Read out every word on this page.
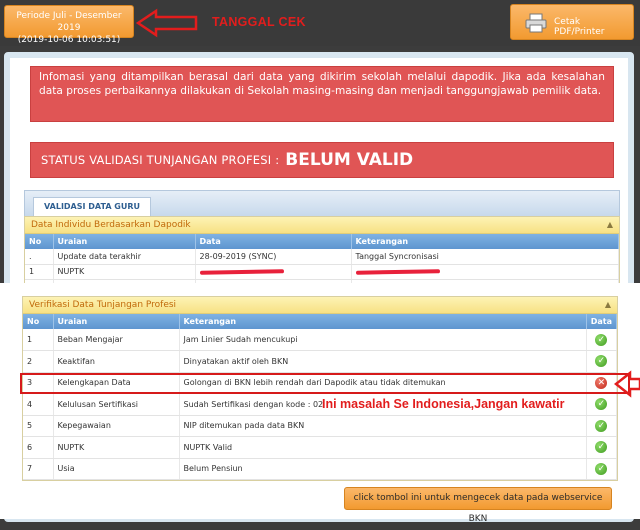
Periode Juli - Desember 2019
(2019-10-06 10:03:51)
TANGGAL CEK	Cetak PDF/Printer
Infomasi yang ditampilkan berasal dari data yang dikirim sekolah melalui dapodik. Jika ada kesalahan data proses perbaikannya dilakukan di Sekolah masing-masing dan menjadi tanggungjawab pemilik data.
STATUS VALIDASI TUNJANGAN PROFESI : BELUM VALID
VALIDASI DATA GURU
Data Individu Berdasarkan Dapodik	▲
No	Uraian	Data	Keterangan
.	Update data terakhir	28-09-2019 (SYNC)	Tanggal Syncronisasi
1	NUPTK		

Verifikasi Data Tunjangan Profesi	▲
No	Uraian	Keterangan	Data
1	Beban Mengajar	Jam Linier Sudah mencukupi	✓
2	Keaktifan	Dinyatakan aktif oleh BKN	✓
3	Kelengkapan Data	Golongan di BKN lebih rendah dari Dapodik atau tidak ditemukan	✕
4	Kelulusan Sertifikasi	Sudah Sertifikasi dengan kode : 02	✓
5	Kepegawaian	NIP ditemukan pada data BKN	✓
6	NUPTK	NUPTK Valid	✓
7	Usia	Belum Pensiun	✓
Ini masalah Se Indonesia,Jangan kawatir
click tombol ini untuk mengecek data pada webservice BKN
